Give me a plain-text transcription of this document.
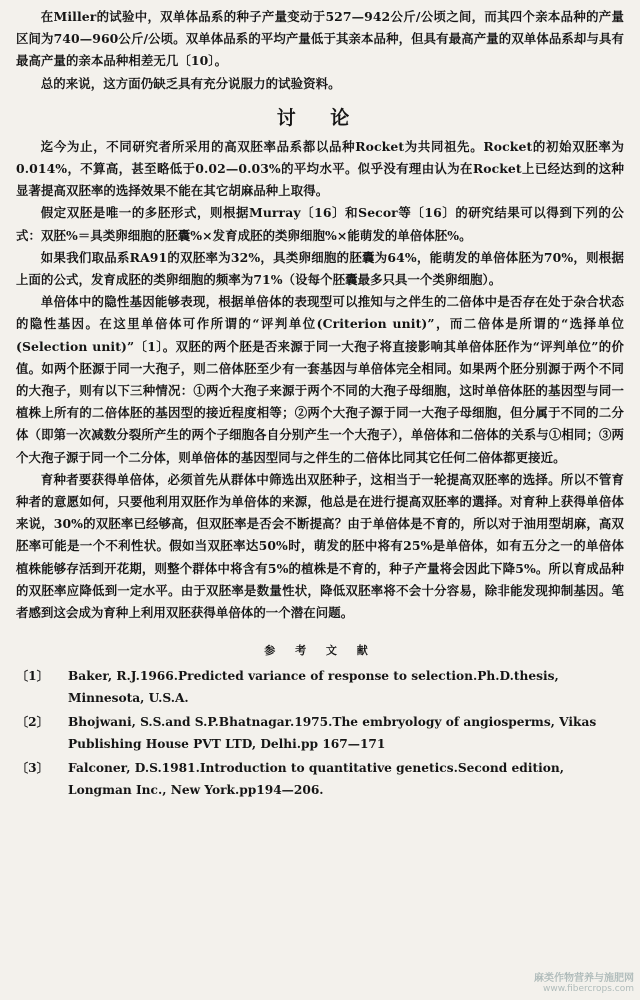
在Miller的试验中，双单体品系的种子产量变动于527—942公斤/公顷之间，而其四个亲本品种的产量区间为740—960公斤/公顷。双单体品系的平均产量低于其亲本品种，但具有最高产量的双单体品系却与具有最高产量的亲本品种相差无几〔10〕。

总的来说，这方面仍缺乏具有充分说服力的试验资料。

讨 论

迄今为止，不同研究者所采用的高双胚率品系都以品种Rocket为共同祖先。Rocket的初始双胚率为0.014%，不算高，甚至略低于0.02—0.03%的平均水平。似乎没有理由认为在Rocket上已经达到的这种显著提高双胚率的选择效果不能在其它胡麻品种上取得。

假定双胚是唯一的多胚形式，则根据Murray〔16〕和Secor等〔16〕的研究结果可以得到下列的公式：双胚%＝具类卵细胞的胚囊%×发育成胚的类卵细胞%×能萌发的单倍体胚%。

如果我们取品系RA91的双胚率为32%，具类卵细胞的胚囊为64%，能萌发的单倍体胚为70%，则根据上面的公式，发育成胚的类卵细胞的频率为71%（设每个胚囊最多只具一个类卵细胞）。

单倍体中的隐性基因能够表现，根据单倍体的表现型可以推知与之伴生的二倍体中是否存在处于杂合状态的隐性基因。在这里单倍体可作所谓的“评判单位(Criterion unit)”，而二倍体是所谓的“选择单位(Selection unit)”〔1〕。双胚的两个胚是否来源于同一大孢子将直接影响其单倍体胚作为“评判单位”的价值。如两个胚源于同一大孢子，则二倍体胚至少有一套基因与单倍体完全相同。如果两个胚分别源于两个不同的大孢子，则有以下三种情况：①两个大孢子来源于两个不同的大孢子母细胞，这时单倍体胚的基因型与同一植株上所有的二倍体胚的基因型的接近程度相等；②两个大孢子源于同一大孢子母细胞，但分属于不同的二分体（即第一次减数分裂所产生的两个子细胞各自分别产生一个大孢子），单倍体和二倍体的关系与①相同；③两个大孢子源于同一个二分体，则单倍体的基因型同与之伴生的二倍体比同其它任何二倍体都更接近。

育种者要获得单倍体，必须首先从群体中筛选出双胚种子，这相当于一轮提高双胚率的选择。所以不管育种者的意愿如何，只要他利用双胚作为单倍体的来源，他总是在进行提高双胚率的選择。对育种上获得单倍体来说，30%的双胚率已经够高，但双胚率是否会不断提高？由于单倍体是不育的，所以对于油用型胡麻，高双胚率可能是一个不利性状。假如当双胚率达50%时，萌发的胚中将有25%是单倍体，如有五分之一的单倍体植株能够存活到开花期，则整个群体中将含有5%的植株是不育的，种子产量将会因此下降5%。所以育成品种的双胚率应降低到一定水平。由于双胚率是数量性状，降低双胚率将不会十分容易，除非能发现抑制基因。笔者感到这会成为育种上利用双胚获得单倍体的一个潜在问题。

参 考 文 献
〔1〕	Baker, R.J.1966.Predicted variance of response to selection.Ph.D.thesis, Minnesota, U.S.A.
〔2〕	Bhojwani, S.S.and S.P.Bhatnagar.1975.The embryology of angiosperms, Vikas Publishing House PVT LTD, Delhi.pp 167—171
〔3〕	Falconer, D.S.1981.Introduction to quantitative genetics.Second edition, Longman Inc., New York.pp194—206.
麻类作物营养与施肥网
www.fibercrops.com
